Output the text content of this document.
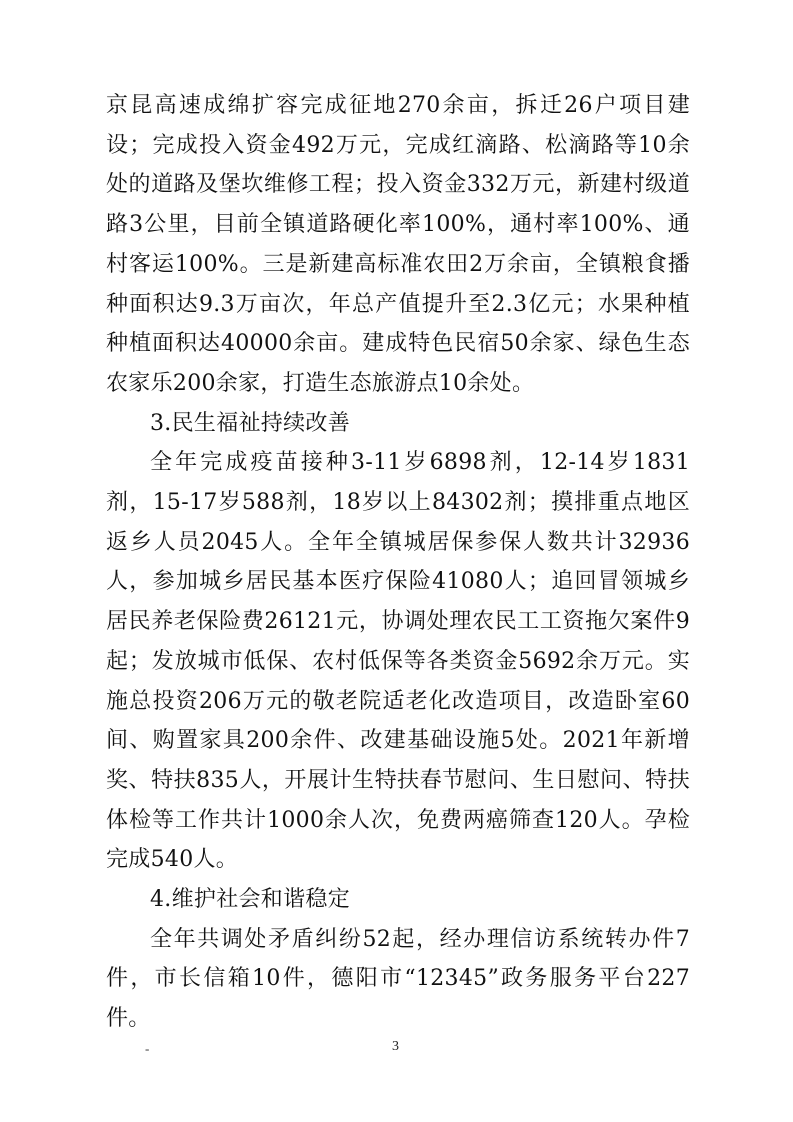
京昆高速成绵扩容完成征地270余亩，拆迁26户项目建设；完成投入资金492万元，完成红滴路、松滴路等10余处的道路及堡坎维修工程；投入资金332万元，新建村级道路3公里，目前全镇道路硬化率100%，通村率100%、通村客运100%。三是新建高标准农田2万余亩，全镇粮食播种面积达9.3万亩次，年总产值提升至2.3亿元；水果种植种植面积达40000余亩。建成特色民宿50余家、绿色生态农家乐200余家，打造生态旅游点10余处。

3.民生福祉持续改善

全年完成疫苗接种3-11岁6898剂，12-14岁1831剂，15-17岁588剂，18岁以上84302剂；摸排重点地区返乡人员2045人。全年全镇城居保参保人数共计32936人，参加城乡居民基本医疗保险41080人；追回冒领城乡居民养老保险费26121元，协调处理农民工工资拖欠案件9起；发放城市低保、农村低保等各类资金5692余万元。实施总投资206万元的敬老院适老化改造项目，改造卧室60间、购置家具200余件、改建基础设施5处。2021年新增奖、特扶835人，开展计生特扶春节慰问、生日慰问、特扶体检等工作共计1000余人次，免费两癌筛查120人。孕检完成540人。

4.维护社会和谐稳定

全年共调处矛盾纠纷52起，经办理信访系统转办件7件，市长信箱10件，德阳市“12345”政务服务平台227件。

-	3
